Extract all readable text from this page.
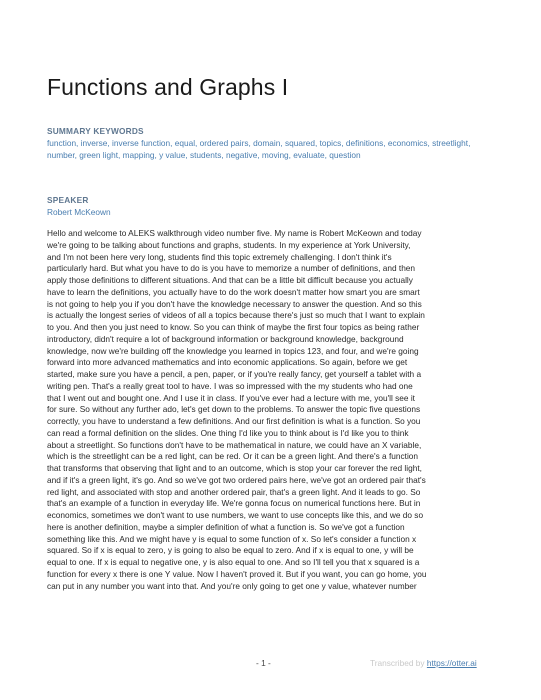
Functions and Graphs I
SUMMARY KEYWORDS
function, inverse, inverse function, equal, ordered pairs, domain, squared, topics, definitions, economics, streetlight, number, green light, mapping, y value, students, negative, moving, evaluate, question
SPEAKER
Robert McKeown
Hello and welcome to ALEKS walkthrough video number five. My name is Robert McKeown and today
we're going to be talking about functions and graphs, students. In my experience at York University,
and I'm not been here very long, students find this topic extremely challenging. I don't think it's
particularly hard. But what you have to do is you have to memorize a number of definitions, and then
apply those definitions to different situations. And that can be a little bit difficult because you actually
have to learn the definitions, you actually have to do the work doesn't matter how smart you are smart
is not going to help you if you don't have the knowledge necessary to answer the question. And so this
is actually the longest series of videos of all a topics because there's just so much that I want to explain
to you. And then you just need to know. So you can think of maybe the first four topics as being rather
introductory, didn't require a lot of background information or background knowledge, background
knowledge, now we're building off the knowledge you learned in topics 123, and four, and we're going
forward into more advanced mathematics and into economic applications. So again, before we get
started, make sure you have a pencil, a pen, paper, or if you're really fancy, get yourself a tablet with a
writing pen. That's a really great tool to have. I was so impressed with the my students who had one
that I went out and bought one. And I use it in class. If you've ever had a lecture with me, you'll see it
for sure. So without any further ado, let's get down to the problems. To answer the topic five questions
correctly, you have to understand a few definitions. And our first definition is what is a function. So you
can read a formal definition on the slides. One thing I'd like you to think about is I'd like you to think
about a streetlight. So functions don't have to be mathematical in nature, we could have an X variable,
which is the streetlight can be a red light, can be red. Or it can be a green light. And there's a function
that transforms that observing that light and to an outcome, which is stop your car forever the red light,
and if it's a green light, it's go. And so we've got two ordered pairs here, we've got an ordered pair that's
red light, and associated with stop and another ordered pair, that's a green light. And it leads to go. So
that's an example of a function in everyday life. We're gonna focus on numerical functions here. But in
economics, sometimes we don't want to use numbers, we want to use concepts like this, and we do so
here is another definition, maybe a simpler definition of what a function is. So we've got a function
something like this. And we might have y is equal to some function of x. So let's consider a function x
squared. So if x is equal to zero, y is going to also be equal to zero. And if x is equal to one, y will be
equal to one. If x is equal to negative one, y is also equal to one. And so I'll tell you that x squared is a
function for every x there is one Y value. Now I haven't proved it. But if you want, you can go home, you
can put in any number you want into that. And you're only going to get one y value, whatever number
- 1 -	Transcribed by https://otter.ai
